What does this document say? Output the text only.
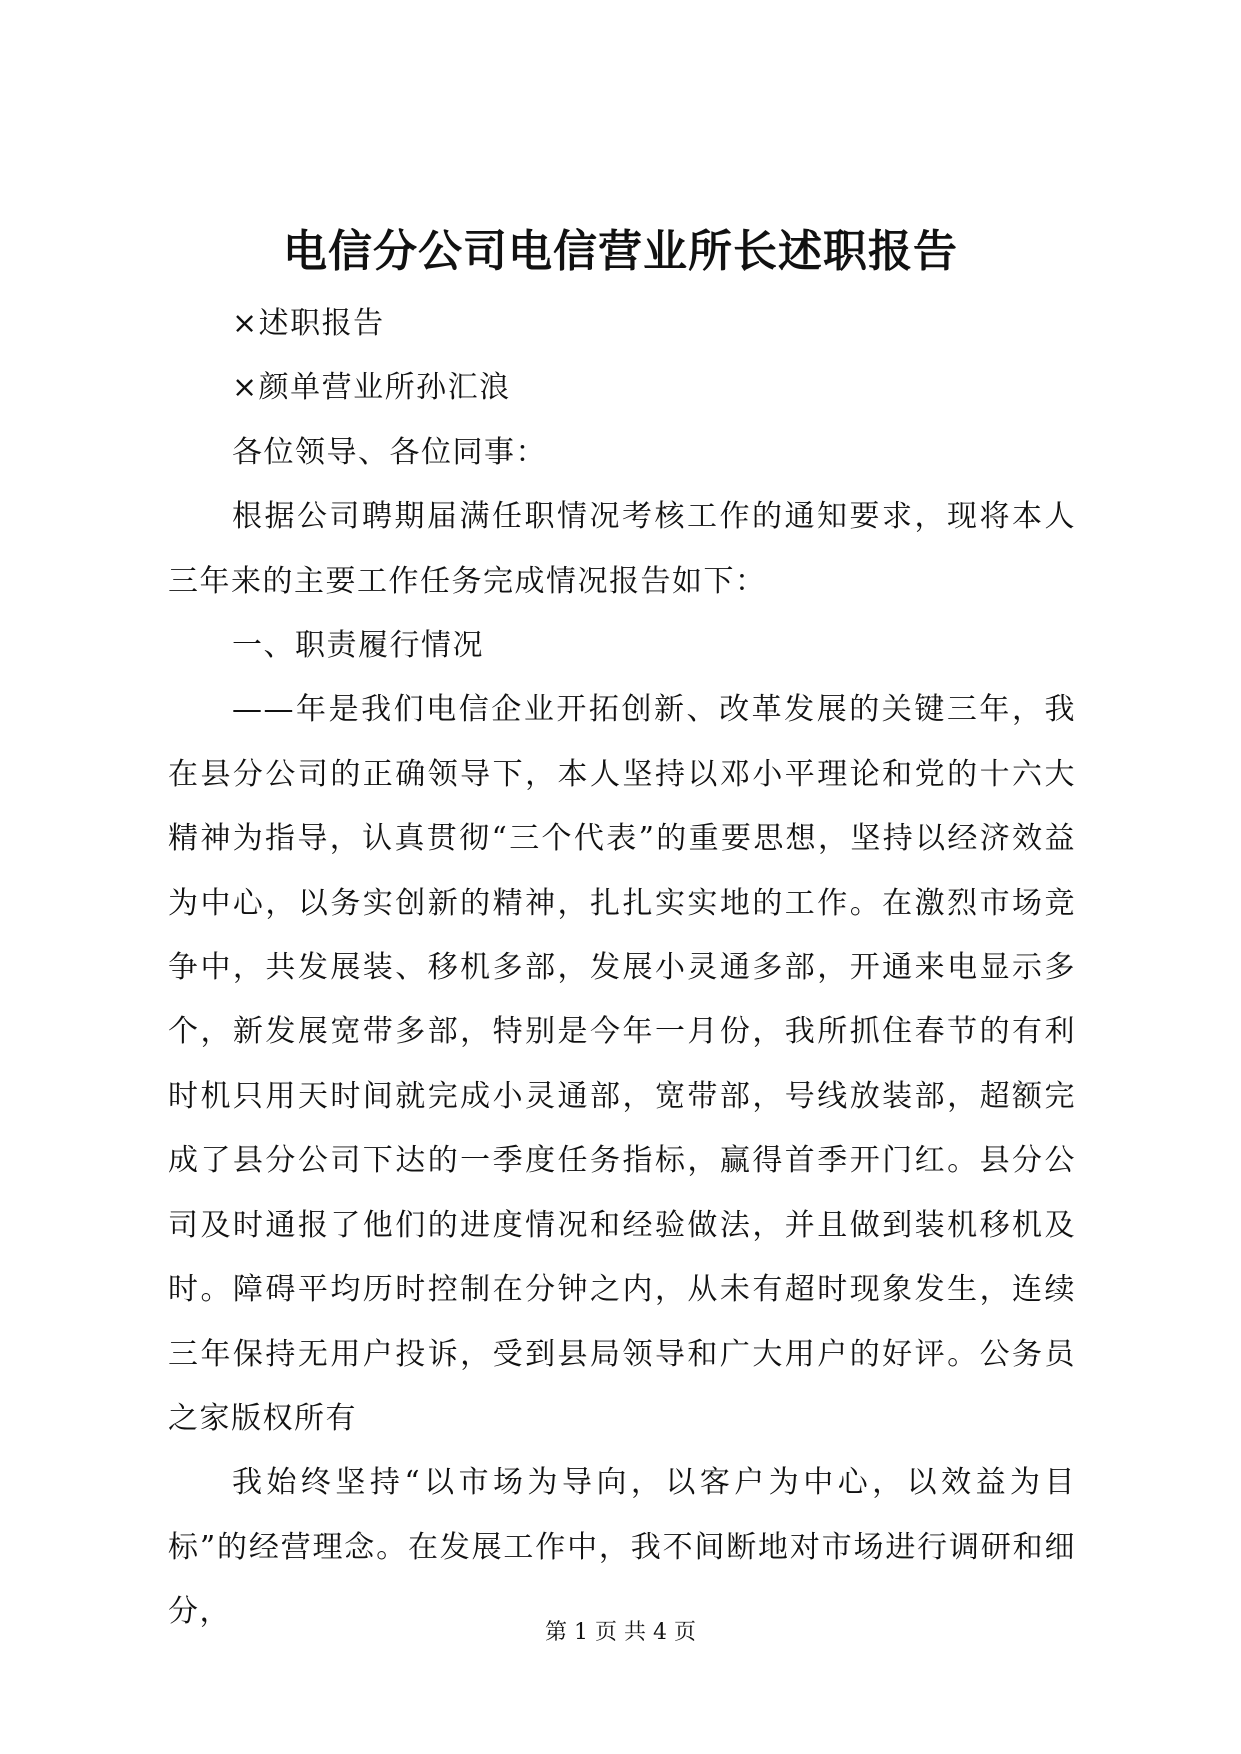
电信分公司电信营业所长述职报告

×述职报告

×颜单营业所孙汇浪

各位领导、各位同事：

根据公司聘期届满任职情况考核工作的通知要求，现将本人三年来的主要工作任务完成情况报告如下：

一、职责履行情况

——年是我们电信企业开拓创新、改革发展的关键三年，我在县分公司的正确领导下，本人坚持以邓小平理论和党的十六大精神为指导，认真贯彻“三个代表”的重要思想，坚持以经济效益为中心，以务实创新的精神，扎扎实实地的工作。在激烈市场竞争中，共发展装、移机多部，发展小灵通多部，开通来电显示多个，新发展宽带多部，特别是今年一月份，我所抓住春节的有利时机只用天时间就完成小灵通部，宽带部，号线放装部，超额完成了县分公司下达的一季度任务指标，赢得首季开门红。县分公司及时通报了他们的进度情况和经验做法，并且做到装机移机及时。障碍平均历时控制在分钟之内，从未有超时现象发生，连续三年保持无用户投诉，受到县局领导和广大用户的好评。公务员之家版权所有

我始终坚持“以市场为导向，以客户为中心，以效益为目标”的经营理念。在发展工作中，我不间断地对市场进行调研和细分，

第 1 页 共 4 页
